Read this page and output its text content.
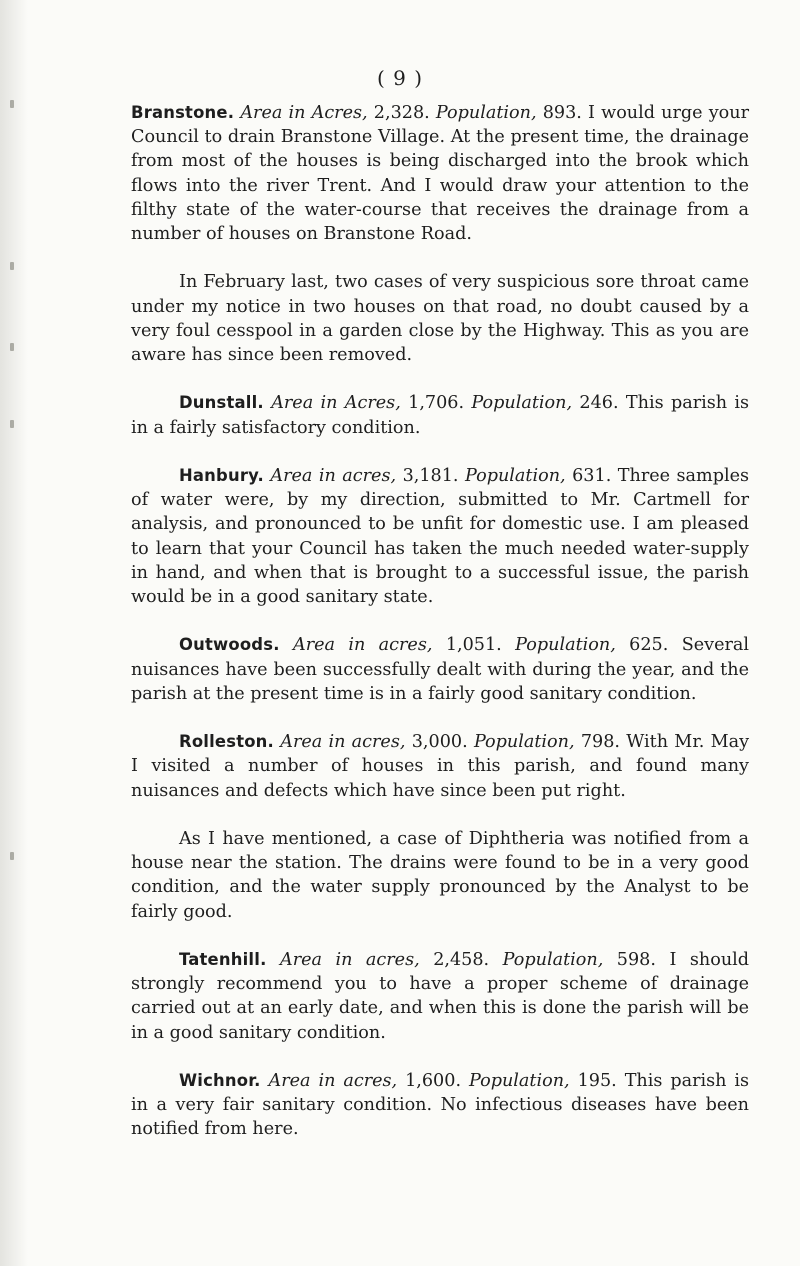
( 9 )

Branstone. Area in Acres, 2,328. Population, 893. I would urge your Council to drain Branstone Village. At the present time, the drainage from most of the houses is being discharged into the brook which flows into the river Trent. And I would draw your attention to the filthy state of the water-course that receives the drainage from a number of houses on Branstone Road.

In February last, two cases of very suspicious sore throat came under my notice in two houses on that road, no doubt caused by a very foul cesspool in a garden close by the Highway. This as you are aware has since been removed.

Dunstall. Area in Acres, 1,706. Population, 246. This parish is in a fairly satisfactory condition.

Hanbury. Area in acres, 3,181. Population, 631. Three samples of water were, by my direction, submitted to Mr. Cartmell for analysis, and pronounced to be unfit for domestic use. I am pleased to learn that your Council has taken the much needed water-supply in hand, and when that is brought to a successful issue, the parish would be in a good sanitary state.

Outwoods. Area in acres, 1,051. Population, 625. Several nuisances have been successfully dealt with during the year, and the parish at the present time is in a fairly good sanitary condition.

Rolleston. Area in acres, 3,000. Population, 798. With Mr. May I visited a number of houses in this parish, and found many nuisances and defects which have since been put right.

As I have mentioned, a case of Diphtheria was notified from a house near the station. The drains were found to be in a very good condition, and the water supply pronounced by the Analyst to be fairly good.

Tatenhill. Area in acres, 2,458. Population, 598. I should strongly recommend you to have a proper scheme of drainage carried out at an early date, and when this is done the parish will be in a good sanitary condition.

Wichnor. Area in acres, 1,600. Population, 195. This parish is in a very fair sanitary condition. No infectious diseases have been notified from here.
